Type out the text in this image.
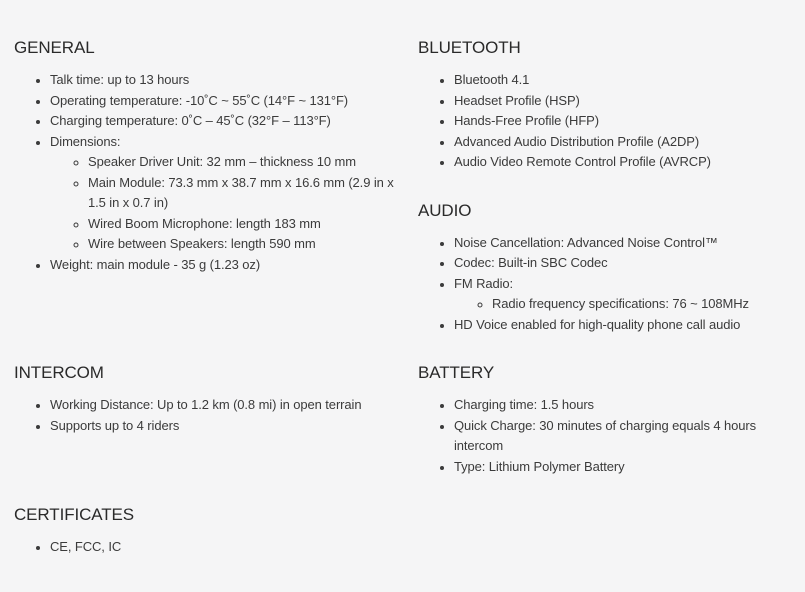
GENERAL
• Talk time: up to 13 hours
• Operating temperature: -10˚C ~ 55˚C (14°F ~ 131°F)
• Charging temperature: 0˚C – 45˚C (32°F – 113°F)
• Dimensions:
◦ Speaker Driver Unit: 32 mm – thickness 10 mm
◦ Main Module: 73.3 mm x 38.7 mm x 16.6 mm (2.9 in x 1.5 in x 0.7 in)
◦ Wired Boom Microphone: length 183 mm
◦ Wire between Speakers: length 590 mm
• Weight: main module - 35 g (1.23 oz)
BLUETOOTH
• Bluetooth 4.1
• Headset Profile (HSP)
• Hands-Free Profile (HFP)
• Advanced Audio Distribution Profile (A2DP)
• Audio Video Remote Control Profile (AVRCP)
AUDIO
• Noise Cancellation: Advanced Noise Control™
• Codec: Built-in SBC Codec
• FM Radio:
◦ Radio frequency specifications: 76 ~ 108MHz
• HD Voice enabled for high-quality phone call audio
INTERCOM
• Working Distance: Up to 1.2 km (0.8 mi) in open terrain
• Supports up to 4 riders
BATTERY
• Charging time: 1.5 hours
• Quick Charge: 30 minutes of charging equals 4 hours intercom
• Type: Lithium Polymer Battery
CERTIFICATES
• CE, FCC, IC
